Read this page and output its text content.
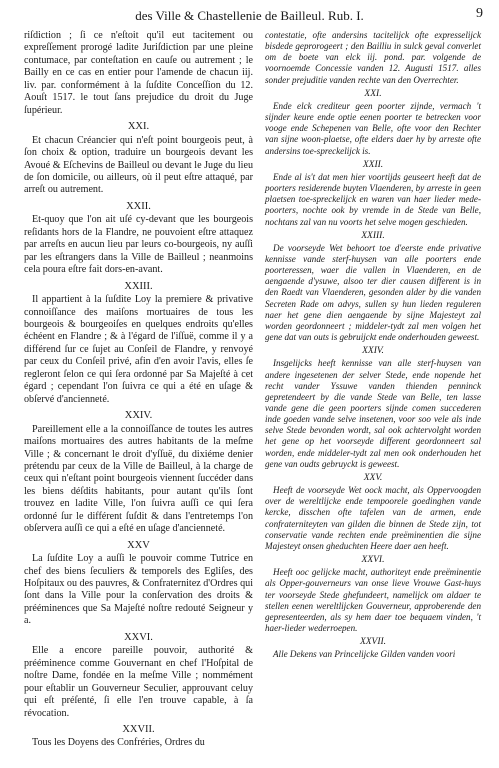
des Ville & Chastellenie de Bailleul. Rub. I.	9

riſdiction ; ſi ce n'eſtoit qu'il eut tacitement ou expreſſement prorogé ladite Juriſdiction par une pleine contumace, par conteſtation en cauſe ou autrement ; le Bailly en ce cas en entier pour l'amende de chacun iij. liv. par. conformément à la ſuſdite Conceſſion du 12. Aouſt 1517. le tout ſans prejudice du droit du Juge ſupérieur.

XXI.

Et chacun Créancier qui n'eſt point bourgeois peut, à ſon choix & option, traduire un bourgeois devant les Avoué & Eſchevins de Bailleul ou devant le Juge du lieu de ſon domicile, ou ailleurs, où il peut eſtre attaqué, par arreſt ou autrement.

XXII.

Et-quoy que l'on ait uſé cy-devant que les bourgeois reſidants hors de la Flandre, ne pouvoient eſtre attaquez par arreſts en aucun lieu par leurs co-bourgeois, ny auſſi par les eſtrangers dans la Ville de Bailleul ; neanmoins cela poura eſtre fait dors-en-avant.

XXIII.

Il appartient à la ſuſdite Loy la premiere & privative connoiſſance des maiſons mortuaires de tous les bourgeois & bourgeoiſes en quelques endroits qu'elles échéent en Flandre ; & à l'égard de l'iſſuë, comme il y a différend ſur ce ſujet au Conſeil de Flandre, y renvoyé par ceux du Conſeil privé, afin d'en avoir l'avis, elles ſe regleront ſelon ce qui ſera ordonné par Sa Majeſté à cet égard ; cependant l'on ſuivra ce qui a été en uſage & obſervé d'ancienneté.

XXIV.

Pareillement elle a la connoiſſance de toutes les autres maiſons mortuaires des autres habitants de la meſme Ville ; & concernant le droit d'yſſuë, du dixiéme denier prétendu par ceux de la Ville de Bailleul, à la charge de ceux qui n'eſtant point bourgeois viennent ſuccéder dans les biens déſdits habitants, pour autant qu'ils ſont trouvez en ladite Ville, l'on ſuivra auſſi ce qui ſera ordonné ſur le différent ſuſdit & dans l'entretemps l'on obſervera auſſi ce qui a eſté en uſage d'ancienneté.

XXV

La ſuſdite Loy a auſſi le pouvoir comme Tutrice en chef des biens ſeculiers & temporels des Egliſes, des Hoſpitaux ou des pauvres, & Confraternitez d'Ordres qui ſont dans la Ville pour la conſervation des droits & prééminences que Sa Majeſté noſtre redouté Seigneur y a.

XXVI.

Elle a encore pareille pouvoir, authorité & prééminence comme Gouvernant en chef l'Hoſpital de noſtre Dame, fondée en la meſme Ville ; nommément pour eſtablir un Gouverneur Seculier, approuvant celuy qui eſt préſenté, ſi elle l'en trouve capable, à ſa révocation.

XXVII.

Tous les Doyens des Confréries, Ordres du

contestatie, ofte andersins tacitelijck ofte expresselijck bisdede geprorogeert ; den Bailliu in sulck geval converlet om de boete van elck iij. pond. par. volgende de voornoemde Concessie vanden 12. Augusti 1517. alles sonder prejuditie vanden rechte van den Overrechter.

XXI.

Ende elck crediteur geen poorter zijnde, vermach 't sijnder keure ende optie eenen poorter te betrecken voor vooge ende Schepenen van Belle, ofte voor den Rechter van sijne woon-plaetse, ofte elders daer hy by arreste ofte andersins toe-spreckelijck is.

XXII.

Ende al is't dat men hier voortijds geuseert heeft dat de poorters residerende buyten Vlaenderen, by arreste in geen plaetsen toe-spreckelijck en waren van haer lieder mede-poorters, nochte ook by vremde in de Stede van Belle, nochtans zal van nu voorts het selve mogen geschieden.

XXIII.

De voorseyde Wet behoort toe d'eerste ende privative kennisse vande sterf-huysen van alle poorters ende poorteressen, waer die vallen in Vlaenderen, en de aengaende d'ysuwe, alsoo ter dier causen different is in den Raedt van Vlaenderen, gesonden alder by die vanden Secreten Rade om advys, sullen sy hun lieden reguleren naer het gene dien aengaende by sijne Majesteyt zal worden geordonneert ; middeler-tydt zal men volgen het gene dat van outs is gebruijckt ende onderhouden geweest.

XXIV.

Insgelijcks heeft kennisse van alle sterf-huysen van andere ingesetenen der selver Stede, ende nopende het recht vander Yssuwe vanden thienden penninck gepretendeert by die vande Stede van Belle, ten lasse vande gene die geen poorters sijnde comen succederen inde goeden vande selve insetenen, voor soo vele als inde selve Stede bevonden wordt, sal ook achtervolght worden het gene op het voorseyde different geordonneert sal worden, ende middeler-tydt zal men ook onderhouden het gene van oudts gebruyckt is geweest.

XXV.

Heeft de voorseyde Wet oock macht, als Oppervoogden over de wereltlijcke ende tempoorele goedinghen vande kercke, disschen ofte tafelen van de armen, ende confraterniteyten van gilden die binnen de Stede zijn, tot conservatie vande rechten ende preëminentien die sijne Majesteyt onsen gheduchten Heere daer aen heeft.

XXVI.

Heeft ooc gelijcke macht, authoriteyt ende preëminentie als Opper-gouverneurs van onse lieve Vrouwe Gast-huys ter voorseyde Stede ghefundeert, namelijck om aldaer te stellen eenen wereltlijcken Gouverneur, approberende den gepresenteerden, als sy hem daer toe bequaem vinden, 't haer-lieder wederroepen.

XXVII.

Alle Dekens van Princelijcke Gilden vanden voori
